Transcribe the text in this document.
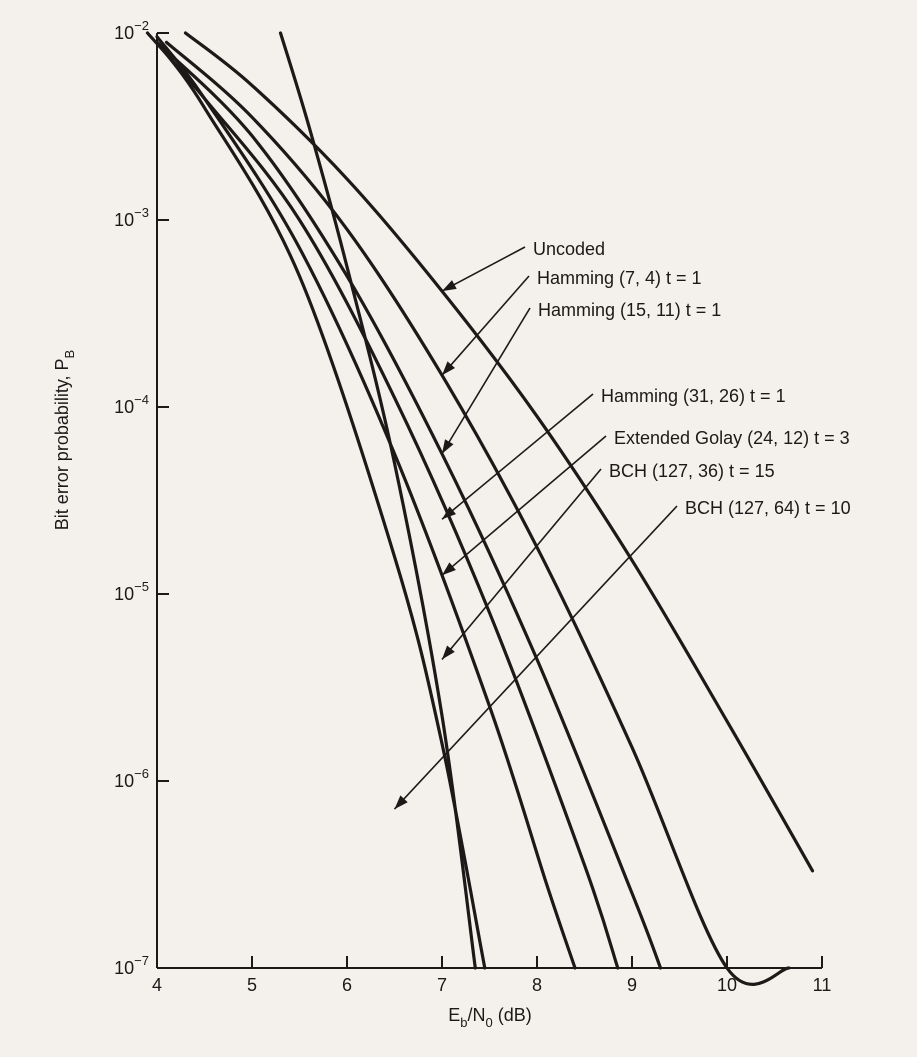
4	5	6	7	8	9	10	11
$10^{-2}$
$10^{-3}$
$10^{-4}$
$10^{-5}$
$10^{-6}$
$10^{-7}$
Uncoded
Hamming (7, 4) t = 1
Hamming (15, 11) t = 1
Hamming (31, 26) t = 1
Extended Golay (24, 12) t = 3
BCH (127, 36) t = 15
BCH (127, 64) t = 10
$E_b/N_0$ (dB)
Bit error probability, $P_B$
